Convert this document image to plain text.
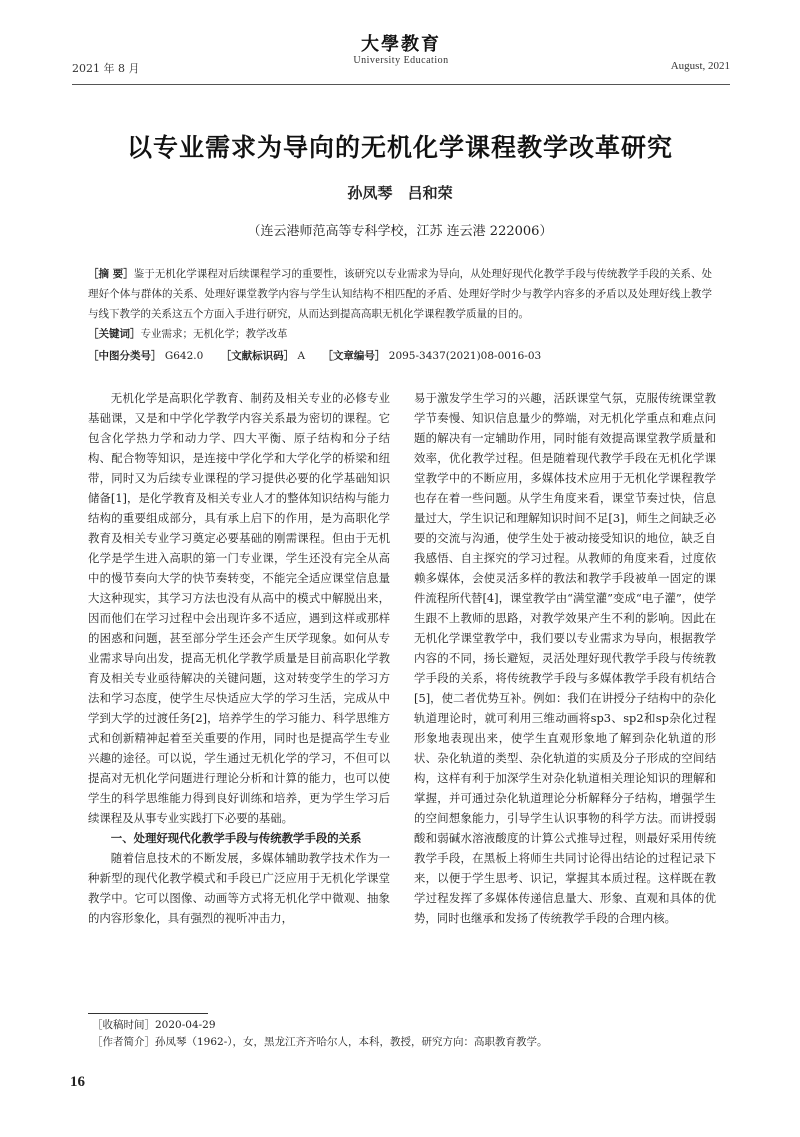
大學教育
University Education
2021 年 8 月	August, 2021
以专业需求为导向的无机化学课程教学改革研究
孙凤琴 吕和荣
（连云港师范高等专科学校，江苏 连云港 222006）
［摘 要］鉴于无机化学课程对后续课程学习的重要性，该研究以专业需求为导向，从处理好现代化教学手段与传统教学手段的关系、处理好个体与群体的关系、处理好课堂教学内容与学生认知结构不相匹配的矛盾、处理好学时少与教学内容多的矛盾以及处理好线上教学与线下教学的关系这五个方面入手进行研究，从而达到提高高职无机化学课程教学质量的目的。
［关键词］专业需求；无机化学；教学改革
［中图分类号］ G642.0 ［文献标识码］ A ［文章编号］ 2095-3437(2021)08-0016-03

无机化学是高职化学教育、制药及相关专业的必修专业基础课，又是和中学化学教学内容关系最为密切的课程。它包含化学热力学和动力学、四大平衡、原子结构和分子结构、配合物等知识，是连接中学化学和大学化学的桥梁和纽带，同时又为后续专业课程的学习提供必要的化学基础知识储备[1]，是化学教育及相关专业人才的整体知识结构与能力结构的重要组成部分，具有承上启下的作用，是为高职化学教育及相关专业学习奠定必要基础的刚需课程。但由于无机化学是学生进入高职的第一门专业课，学生还没有完全从高中的慢节奏向大学的快节奏转变，不能完全适应课堂信息量大这种现实，其学习方法也没有从高中的模式中解脱出来，因而他们在学习过程中会出现许多不适应，遇到这样或那样的困惑和问题，甚至部分学生还会产生厌学现象。如何从专业需求导向出发，提高无机化学教学质量是目前高职化学教育及相关专业亟待解决的关键问题，这对转变学生的学习方法和学习态度，使学生尽快适应大学的学习生活，完成从中学到大学的过渡任务[2]，培养学生的学习能力、科学思维方式和创新精神起着至关重要的作用，同时也是提高学生专业兴趣的途径。可以说，学生通过无机化学的学习，不但可以提高对无机化学问题进行理论分析和计算的能力，也可以使学生的科学思维能力得到良好训练和培养，更为学生学习后续课程及从事专业实践打下必要的基础。

一、处理好现代化教学手段与传统教学手段的关系

随着信息技术的不断发展，多媒体辅助教学技术作为一种新型的现代化教学模式和手段已广泛应用于无机化学课堂教学中。它可以图像、动画等方式将无机化学中微观、抽象的内容形象化，具有强烈的视听冲击力，

易于激发学生学习的兴趣，活跃课堂气氛，克服传统课堂教学节奏慢、知识信息量少的弊端，对无机化学重点和难点问题的解决有一定辅助作用，同时能有效提高课堂教学质量和效率，优化教学过程。但是随着现代教学手段在无机化学课堂教学中的不断应用，多媒体技术应用于无机化学课程教学也存在着一些问题。从学生角度来看，课堂节奏过快，信息量过大，学生识记和理解知识时间不足[3]，师生之间缺乏必要的交流与沟通，使学生处于被动接受知识的地位，缺乏自我感悟、自主探究的学习过程。从教师的角度来看，过度依赖多媒体，会使灵活多样的教法和教学手段被单一固定的课件流程所代替[4]，课堂教学由“满堂灌”变成“电子灌”，使学生跟不上教师的思路，对教学效果产生不利的影响。因此在无机化学课堂教学中，我们要以专业需求为导向，根据教学内容的不同，扬长避短，灵活处理好现代教学手段与传统教学手段的关系，将传统教学手段与多媒体教学手段有机结合[5]，使二者优势互补。例如：我们在讲授分子结构中的杂化轨道理论时，就可利用三维动画将sp3、sp2和sp杂化过程形象地表现出来，使学生直观形象地了解到杂化轨道的形状、杂化轨道的类型、杂化轨道的实质及分子形成的空间结构，这样有利于加深学生对杂化轨道相关理论知识的理解和掌握，并可通过杂化轨道理论分析解释分子结构，增强学生的空间想象能力，引导学生认识事物的科学方法。而讲授弱酸和弱碱水溶液酸度的计算公式推导过程，则最好采用传统教学手段，在黑板上将师生共同讨论得出结论的过程记录下来，以便于学生思考、识记，掌握其本质过程。这样既在教学过程发挥了多媒体传递信息量大、形象、直观和具体的优势，同时也继承和发扬了传统教学手段的合理内核。

［收稿时间］2020-04-29
［作者简介］孙凤琴（1962-），女，黑龙江齐齐哈尔人，本科，教授，研究方向：高职教育教学。
16
